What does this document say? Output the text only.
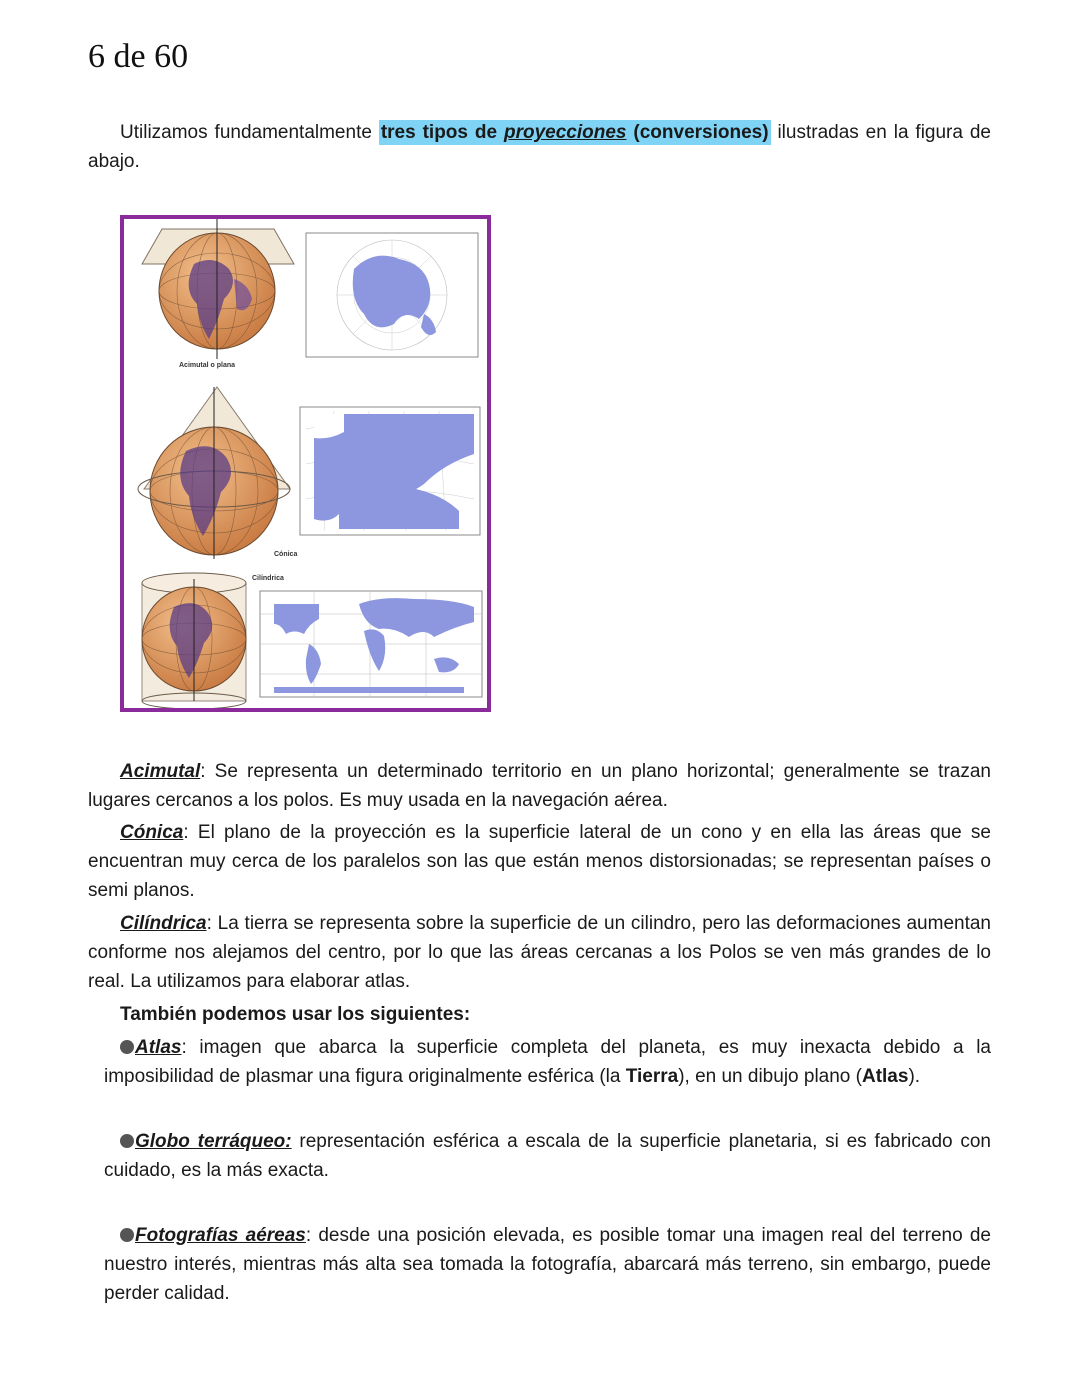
6 de 60

Utilizamos fundamentalmente tres tipos de proyecciones (conversiones) ilustradas en la figura de abajo.

Acimutal o plana
Cónica
Cilíndrica

Acimutal: Se representa un determinado territorio en un plano horizontal; generalmente se trazan lugares cercanos a los polos. Es muy usada en la navegación aérea.

Cónica: El plano de la proyección es la superficie lateral de un cono y en ella las áreas que se encuentran muy cerca de los paralelos son las que están menos distorsionadas; se representan países o semi planos.

Cilíndrica: La tierra se representa sobre la superficie de un cilindro, pero las deformaciones aumentan conforme nos alejamos del centro, por lo que las áreas cercanas a los Polos se ven más grandes de lo real. La utilizamos para elaborar atlas.

También podemos usar los siguientes:

Atlas: imagen que abarca la superficie completa del planeta, es muy inexacta debido a la imposibilidad de plasmar una figura originalmente esférica (la Tierra), en un dibujo plano (Atlas).

Globo terráqueo: representación esférica a escala de la superficie planetaria, si es fabricado con cuidado, es la más exacta.

Fotografías aéreas: desde una posición elevada, es posible tomar una imagen real del terreno de nuestro interés, mientras más alta sea tomada la fotografía, abarcará más terreno, sin embargo, puede perder calidad.
